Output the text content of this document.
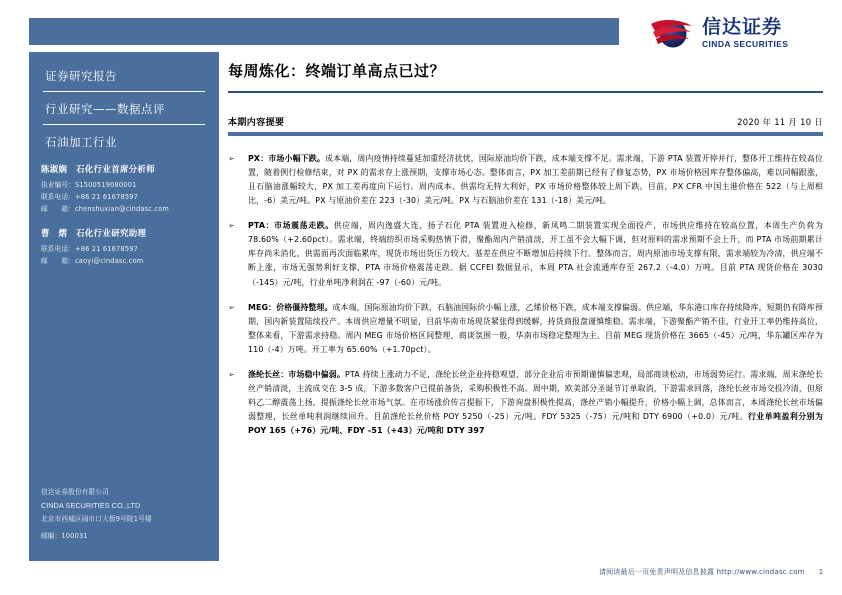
信达证券
CINDA SECURITIES
证券研究报告
行业研究——数据点评
石油加工行业
陈淑娴　石化行业首席分析师
执业编号：S1500519080001
联系电话：+86 21 61678597
邮　　箱：chenshuxian@cindasc.com
曹　熠　石化行业研究助理
联系电话：+86 21 61678597
邮　　箱：caoyi@cindasc.com
信达证券股份有限公司
CINDA SECURITIES CO.,LTD
北京市西城区闹市口大街9号院1号楼
邮编：100031
每周炼化：终端订单高点已过？
本期内容提要	2020 年 11 月 10 日
➢	PX：市场小幅下跌。成本端，周内疫情持续蔓延加重经济扰忧，国际原油均价下跌，成本端支撑不足。需求端，下游 PTA 装置开停并行，整体开工维持在较高位置，随着例行检修结束，对 PX 的需求存上涨预期，支撑市场心态。整体而言，PX 加工差前期已经有了修复态势，PX 市场价格因库存整体偏高，难以同幅跟涨，且石脑油涨幅较大，PX 加工差再度向下运行。周内成本、供需均无特大利好，PX 市场价格整体较上周下跌。目前，PX CFR 中国主港价格在 522（与上周相比，-6）美元/吨。PX 与原油价差在 223（-30）美元/吨。PX 与石脑油价差在 131（-18）美元/吨。
➢	PTA：市场震荡走跌。供应端，周内逸盛大连、扬子石化 PTA 装置进入检修，新凤鸣二期装置实现全面投产，市场供应维持在较高位置，本周生产负荷为 78.60%（+2.60pct）。需求端，终端纺织市场采购热情下滑，聚酯周内产销清淡，开工虽不会大幅下调，但对原料的需求预期不会上升，而 PTA 市场前期累计库存尚未消化，供需面再次面临累库，现货市场出货压力较大。基差在供应不断增加后持续下行。整体而言，周内原油市场支撑有限，需求端较为冷清，供应端不断上涨，市场无强势利好支撑，PTA 市场价格震荡走跌。据 CCFEI 数据显示，本周 PTA 社会流通库存至 267.2（-4.0）万吨。目前 PTA 现货价格在 3030（-145）元/吨，行业单吨净利润在 -97（-60）元/吨。
➢	MEG：价格僵持整理。成本端，国际原油均价下跌，石脑油国际价小幅上涨，乙烯价格下跌，成本端支撑偏弱。供应端，华东港口库存持续降库，短期仍有降库预期，国内新装置陆续投产。本周供应增量不明显，目前华南市场现货紧张得到缓解，持货商报盘谨慎维稳。需求端，下游聚酯产销不佳，行业开工率仍维持高位，整体来看，下游需求持稳。周内 MEG 市场价格区间整理，商谈氛围一般，华南市场稳定整理为主。目前 MEG 现货价格在 3665（-45）元/吨，华东罐区库存为 110（-4）万吨。开工率为 65.60%（+1.70pct）。
➢	涤纶长丝：市场稳中偏弱。PTA 持续上涨动力不足，涤纶长丝企业持稳观望，部分企业后市预期谨慎偏悲观，局部商谈松动，市场弱势运行。需求端，周末涤纶长丝产销清淡，主流成交在 3-5 成，下游多数客户已提前备货，采购积极性不高。周中期，欧美部分圣诞节订单取消，下游需求回落，涤纶长丝市场交投冷清，但原料乙二醇震荡上扬，提振涤纶长丝市场气氛。在市场涨价传言提振下，下游询盘积极性提高，涤丝产销小幅提升，价格小幅上调，总体而言，本周涤纶长丝市场偏弱整理，长丝单吨利润继续回升。目前涤纶长丝价格 POY 5250（-25）元/吨。FDY 5325（-75）元/吨和 DTY 6900（+0.0）元/吨。行业单吨盈利分别为 POY 165（+76）元/吨、FDY -51（+43）元/吨和 DTY 397
请阅读最后一页免责声明及信息披露 http://www.cindasc.com 1
